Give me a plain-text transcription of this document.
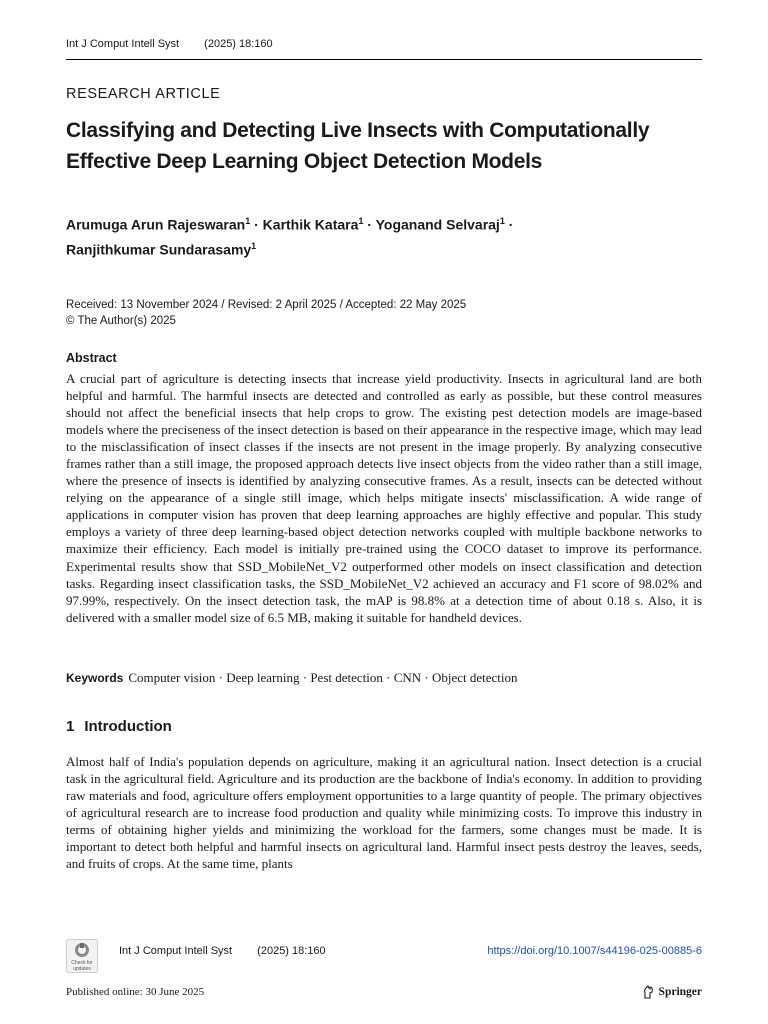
Int J Comput Intell Syst (2025) 18:160
RESEARCH ARTICLE
Classifying and Detecting Live Insects with Computationally Effective Deep Learning Object Detection Models
Arumuga Arun Rajeswaran$^1$ · Karthik Katara$^1$ · Yoganand Selvaraj$^1$ ·
Ranjithkumar Sundarasamy$^1$
Received: 13 November 2024 / Revised: 2 April 2025 / Accepted: 22 May 2025
© The Author(s) 2025
Abstract
A crucial part of agriculture is detecting insects that increase yield productivity. Insects in agricultural land are both helpful and harmful. The harmful insects are detected and controlled as early as possible, but these control measures should not affect the beneficial insects that help crops to grow. The existing pest detection models are image-based models where the preciseness of the insect detection is based on their appearance in the respective image, which may lead to the misclassification of insect classes if the insects are not present in the image properly. By analyzing consecutive frames rather than a still image, the proposed approach detects live insect objects from the video rather than a still image, where the presence of insects is identified by analyzing consecutive frames. As a result, insects can be detected without relying on the appearance of a single still image, which helps mitigate insects' misclassification. A wide range of applications in computer vision has proven that deep learning approaches are highly effective and popular. This study employs a variety of three deep learning-based object detection networks coupled with multiple backbone networks to maximize their efficiency. Each model is initially pre-trained using the COCO dataset to improve its performance. Experimental results show that SSD_MobileNet_V2 outperformed other models on insect classification and detection tasks. Regarding insect classification tasks, the SSD_MobileNet_V2 achieved an accuracy and F1 score of 98.02% and 97.99%, respectively. On the insect detection task, the mAP is 98.8% at a detection time of about 0.18 s. Also, it is delivered with a smaller model size of 6.5 MB, making it suitable for handheld devices.
Keywords Computer vision · Deep learning · Pest detection · CNN · Object detection
1 Introduction
Almost half of India's population depends on agriculture, making it an agricultural nation. Insect detection is a crucial task in the agricultural field. Agriculture and its production are the backbone of India's economy. In addition to providing raw materials and food, agriculture offers employment opportunities to a large quantity of people. The primary objectives of agricultural research are to increase food production and quality while minimizing costs. To improve this industry in terms of obtaining higher yields and minimizing the workload for the farmers, some changes must be made. It is important to detect both helpful and harmful insects on agricultural land. Harmful insect pests destroy the leaves, seeds, and fruits of crops. At the same time, plants
Check for
updates
Int J Comput Intell Syst (2025) 18:160	https://doi.org/10.1007/s44196-025-00885-6
Published online: 30 June 2025	Springer
